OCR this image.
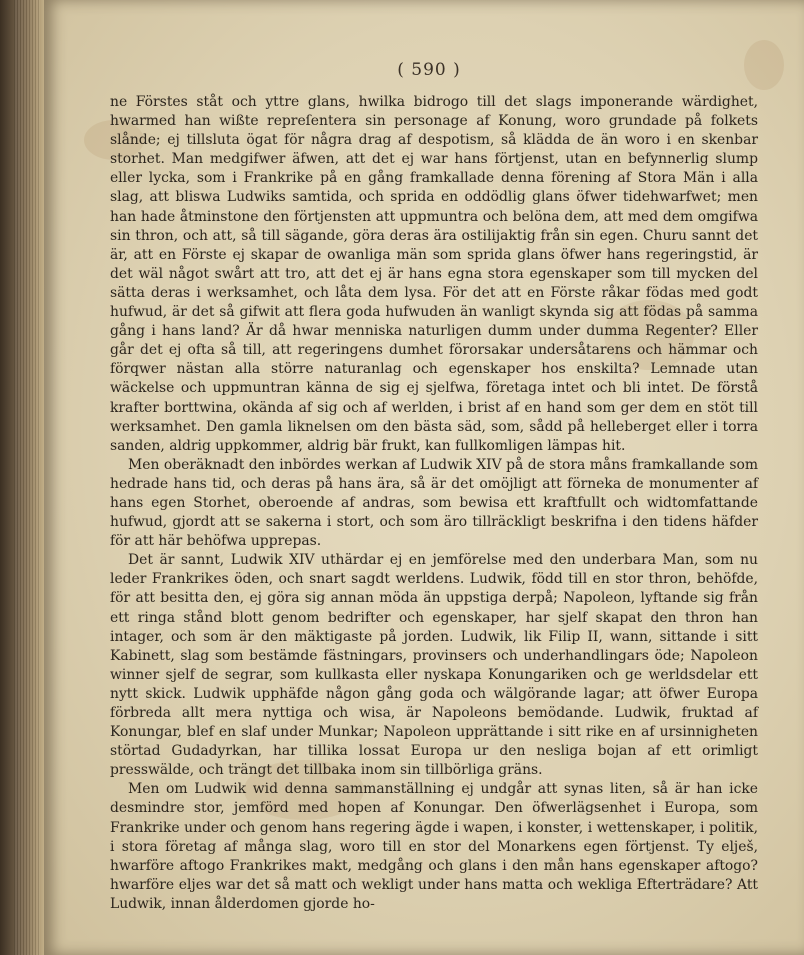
( 590 )

ne Förstes ståt och yttre glans, hwilka bidrogo till det slags imponerande wärdighet, hwarmed han wißte repreſentera sin personage af Konung, woro grundade på folkets slånde; ej tillsluta ögat för några drag af despotism, så klädda de än woro i en skenbar storhet. Man medgifwer äfwen, att det ej war hans förtjenst, utan en befynnerlig slump eller lycka, som i Frankrike på en gång framkallade denna förening af Stora Män i alla slag, att bliswa Ludwiks samtida, och sprida en oddödlig glans öfwer tidehwarfwet; men han hade åtminstone den förtjensten att uppmuntra och belöna dem, att med dem omgifwa sin thron, och att, så till sägande, göra deras ära ostilijaktig från sin egen. Churu sannt det är, att en Förste ej skapar de owanliga män som sprida glans öfwer hans regeringstid, är det wäl något swårt att tro, att det ej är hans egna stora egenskaper som till mycken del sätta deras i werksamhet, och låta dem lysa. För det att en Förste råkar födas med godt hufwud, är det så gifwit att flera goda hufwuden än wanligt skynda sig att födas på samma gång i hans land? Är då hwar menniska naturligen dumm under dumma Regenter? Eller går det ej ofta så till, att regeringens dumhet förorsakar undersåtarens och hämmar och förqwer nästan alla större naturanlag och egenskaper hos enskilta? Lemnade utan wäckelse och uppmuntran känna de sig ej sjelfwa, företaga intet och bli intet. De förstå krafter borttwina, okända af sig och af werlden, i brist af en hand som ger dem en stöt till werksamhet. Den gamla liknelsen om den bästa säd, som, sådd på helleberget eller i torra sanden, aldrig uppkommer, aldrig bär frukt, kan fullkomligen lämpas hit.

Men oberäknadt den inbördes werkan af Ludwik XIV på de stora måns framkallande som hedrade hans tid, och deras på hans ära, så är det omöjligt att förneka de monumenter af hans egen Storhet, oberoende af andras, som bewisa ett kraftfullt och widtomfattande hufwud, gjordt att se sakerna i stort, och som äro tillräckligt beskrifna i den tidens häfder för att här behöfwa upprepas.

Det är sannt, Ludwik XIV uthärdar ej en jemförelse med den underbara Man, som nu leder Frankrikes öden, och snart sagdt werldens. Ludwik, född till en stor thron, behöfde, för att besitta den, ej göra sig annan möda än uppstiga derpå; Napoleon, lyftande sig från ett ringa stånd blott genom bedrifter och egenskaper, har sjelf skapat den thron han intager, och som är den mäktigaste på jorden. Ludwik, lik Filip II, wann, sittande i sitt Kabinett, slag som bestämde fästningars, provinsers och underhandlingars öde; Napoleon winner sjelf de segrar, som kullkasta eller nyskapa Konungariken och ge werldsdelar ett nytt skick. Ludwik upphäfde någon gång goda och wälgörande lagar; att öfwer Europa förbreda allt mera nyttiga och wisa, är Napoleons bemödande. Ludwik, fruktad af Konungar, blef en slaf under Munkar; Napoleon upprättande i sitt rike en af ursinnigheten störtad Gudadyrkan, har tillika lossat Europa ur den nesliga bojan af ett orimligt presswälde, och trängt det tillbaka inom sin tillbörliga gräns.

Men om Ludwik wid denna sammanställning ej undgår att synas liten, så är han icke desmindre stor, jemförd med hopen af Konungar. Den öfwerlägsenhet i Europa, som Frankrike under och genom hans regering ägde i wapen, i konster, i wettenskaper, i politik, i stora företag af många slag, woro till en stor del Monarkens egen förtjenst. Ty elješ, hwarföre aftogo Frankrikes makt, medgång och glans i den mån hans egenskaper aftogo? hwarföre eljes war det så matt och wekligt under hans matta och wekliga Efterträdare? Att Ludwik, innan ålderdomen gjorde ho-
